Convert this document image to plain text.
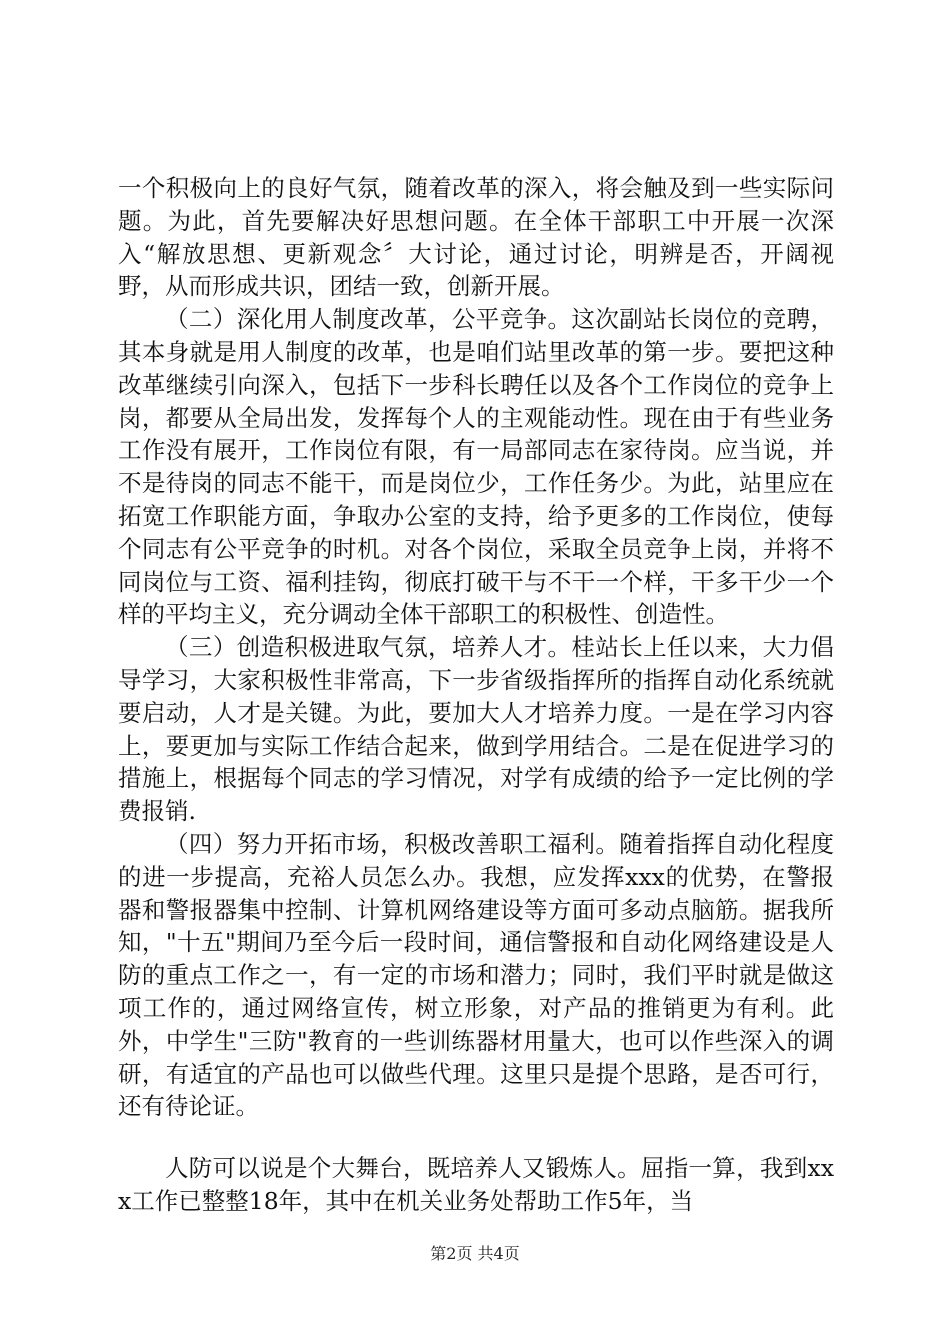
一个积极向上的良好气氛，随着改革的深入，将会触及到一些实际问题。为此，首先要解决好思想问题。在全体干部职工中开展一次深入“解放思想、更新观念〞大讨论，通过讨论，明辨是否，开阔视野，从而形成共识，团结一致，创新开展。

（二）深化用人制度改革，公平竞争。这次副站长岗位的竞聘，其本身就是用人制度的改革，也是咱们站里改革的第一步。要把这种改革继续引向深入，包括下一步科长聘任以及各个工作岗位的竞争上岗，都要从全局出发，发挥每个人的主观能动性。现在由于有些业务工作没有展开，工作岗位有限，有一局部同志在家待岗。应当说，并不是待岗的同志不能干，而是岗位少，工作任务少。为此，站里应在拓宽工作职能方面，争取办公室的支持，给予更多的工作岗位，使每个同志有公平竞争的时机。对各个岗位，采取全员竞争上岗，并将不同岗位与工资、福利挂钩，彻底打破干与不干一个样，干多干少一个样的平均主义，充分调动全体干部职工的积极性、创造性。

（三）创造积极进取气氛，培养人才。桂站长上任以来，大力倡导学习，大家积极性非常高，下一步省级指挥所的指挥自动化系统就要启动，人才是关键。为此，要加大人才培养力度。一是在学习内容上，要更加与实际工作结合起来，做到学用结合。二是在促进学习的措施上，根据每个同志的学习情况，对学有成绩的给予一定比例的学费报销.

（四）努力开拓市场，积极改善职工福利。随着指挥自动化程度的进一步提高，充裕人员怎么办。我想，应发挥xxx的优势，在警报器和警报器集中控制、计算机网络建设等方面可多动点脑筋。据我所知，"十五"期间乃至今后一段时间，通信警报和自动化网络建设是人防的重点工作之一，有一定的市场和潜力；同时，我们平时就是做这项工作的，通过网络宣传，树立形象，对产品的推销更为有利。此外，中学生"三防"教育的一些训练器材用量大，也可以作些深入的调研，有适宜的产品也可以做些代理。这里只是提个思路，是否可行，还有待论证。

人防可以说是个大舞台，既培养人又锻炼人。屈指一算，我到xxx工作已整整18年，其中在机关业务处帮助工作5年，当

第2页 共4页
